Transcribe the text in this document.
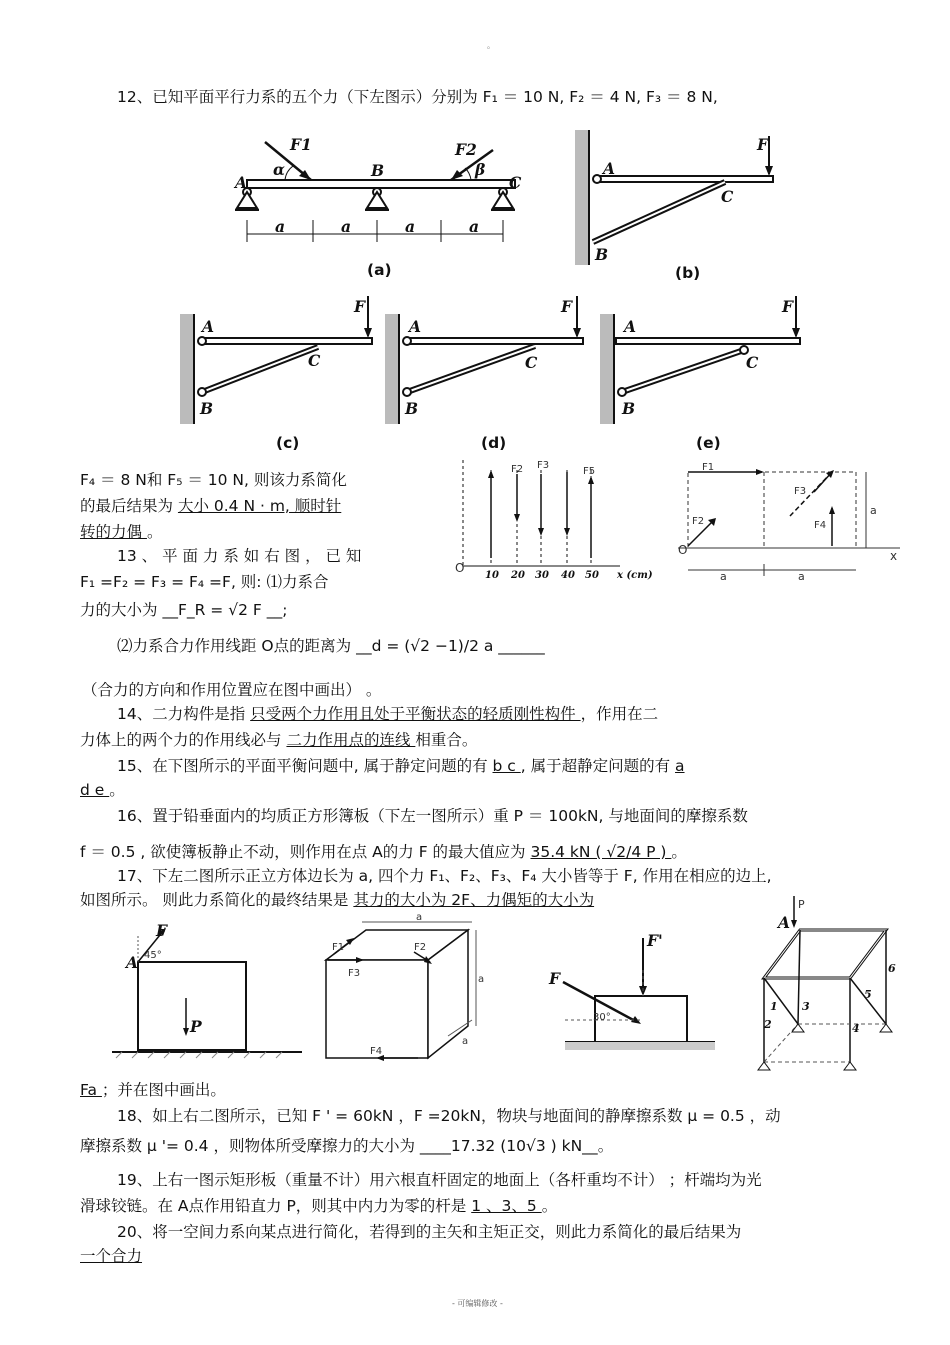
。
12、已知平面平行力系的五个力（下左图示）分别为 F₁ ＝ 10 N, F₂ ＝ 4 N, F₃ ＝ 8 N,
F1	F2
α	β
A
B
C
a	a	a	a
(a)
F
A
C
B
(b)
F
A
C
B
(c)
F
A
C
B
(d)
F
A
C
B
(e)
F₄ ＝ 8 N和 F₅ ＝ 10 N, 则该力系简化
的最后结果为 大小 0.4 N · m, 顺时针
转的力偶 。
13 、 平 面 力 系 如 右 图 ， 已 知
F₁ =F₂ = F₃ = F₄ =F, 则: ⑴力系合
力的大小为 __F_R = √2 F __;
F2 F3
F5
O
10 20 30 40 50 x (cm)
F1
F2
F3
F4
O
a
a	a
x
⑵力系合力作用线距 O点的距离为 __d = (√2 −1)/2 a ______
（合力的方向和作用位置应在图中画出） 。
14、二力构件是指 只受两个力作用且处于平衡状态的轻质刚性构件 ，作用在二
力体上的两个力的作用线必与 二力作用点的连线 相重合。
15、在下图所示的平面平衡问题中, 属于静定问题的有 b c , 属于超静定问题的有 a
d e 。
16、置于铅垂面内的均质正方形簿板（下左一图所示）重 P ＝ 100kN, 与地面间的摩擦系数
f ＝ 0.5 , 欲使簿板静止不动，则作用在点 A的力 F 的最大值应为 35.4 kN ( √2/4 P ) 。
17、下左二图所示正立方体边长为 a, 四个力 F₁、F₂、F₃、F₄ 大小皆等于 F, 作用在相应的边上,
如图所示。 则此力系简化的最终结果是 其力的大小为 2F、力偶矩的大小为
F
45°
A
P
a
a
a
F1	F2
F3
F4
F'
F
30°
P
A
1
2
3
4
5
6
Fa ；并在图中画出。
18、如上右二图所示，已知 F ' = 60kN ，F =20kN，物块与地面间的静摩擦系数 μ = 0.5 ，动
摩擦系数 μ '= 0.4 ，则物体所受摩擦力的大小为 ____17.32 (10√3 ) kN__。
19、上右一图示矩形板（重量不计）用六根直杆固定的地面上（各杆重均不计） ；杆端均为光
滑球铰链。在 A点作用铅直力 P，则其中内力为零的杆是 1 、3、5 。
20、将一空间力系向某点进行简化，若得到的主矢和主矩正交，则此力系简化的最后结果为
一个合力
- 可编辑修改 -
